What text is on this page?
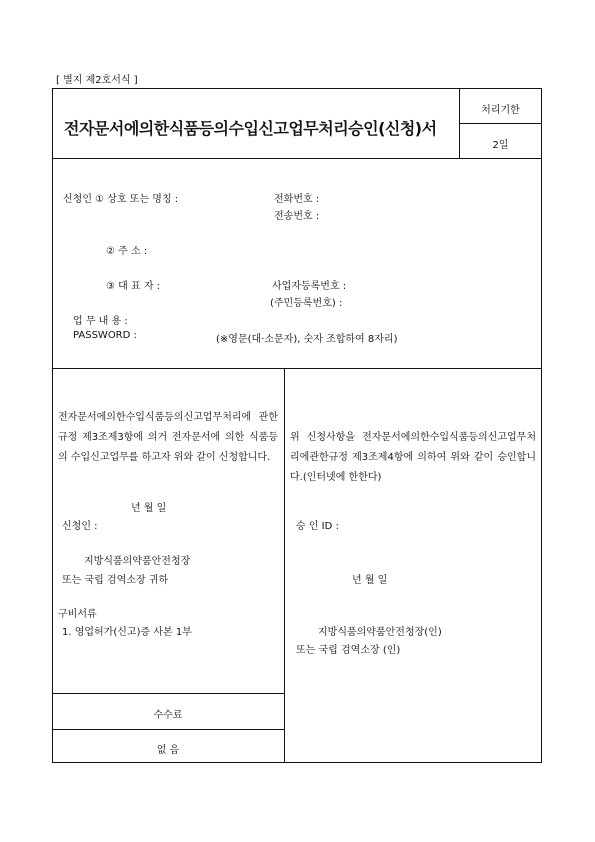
[ 별지 제2호서식 ]
전자문서에의한식품등의수입신고업무처리승인(신청)서
처리기한
2일
신청인 ① 상호 또는 명칭 :	전화번호 :
전송번호 :
② 주 소 :
③ 대 표 자 :	사업자등록번호 :
(주민등록번호) :
업 무 내 용 :
PASSWORD :	(※영문(대·소문자), 숫자 조합하여 8자리)
전자문서에의한수입식품등의신고업무처리에 관한규정 제3조제3항에 의거 전자문서에 의한 식품등의 수입신고업무를 하고자 위와 같이 신청합니다.
년 월 일
신청인 :
지방식품의약품안전청장
또는 국립 검역소장 귀하
구비서류
1. 영업허가(신고)증 사본 1부
수수료
없 음
위 신청사항을 전자문서에의한수입식품등의신고업무처리에관한규정 제3조제4항에 의하여 위와 같이 승인합니다.(인터넷에 한한다)
승 인 ID :
년 월 일
지방식품의약품안전청장(인)
또는 국립 검역소장 (인)
